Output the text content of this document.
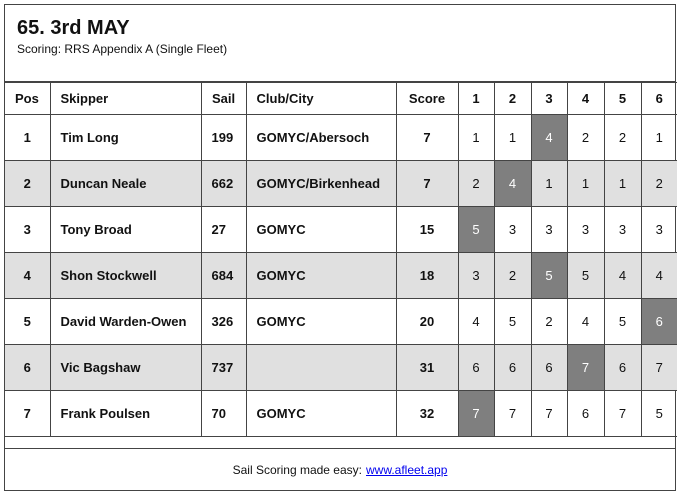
65. 3rd MAY
Scoring: RRS Appendix A (Single Fleet)
Pos	Skipper	Sail	Club/City	Score	1	2	3	4	5	6
1	Tim Long	199	GOMYC/Abersoch	7	1	1	4	2	2	1
2	Duncan Neale	662	GOMYC/Birkenhead	7	2	4	1	1	1	2
3	Tony Broad	27	GOMYC	15	5	3	3	3	3	3
4	Shon Stockwell	684	GOMYC	18	3	2	5	5	4	4
5	David Warden-Owen	326	GOMYC	20	4	5	2	4	5	6
6	Vic Bagshaw	737		31	6	6	6	7	6	7
7	Frank Poulsen	70	GOMYC	32	7	7	7	6	7	5
Sail Scoring made easy: www.afleet.app
